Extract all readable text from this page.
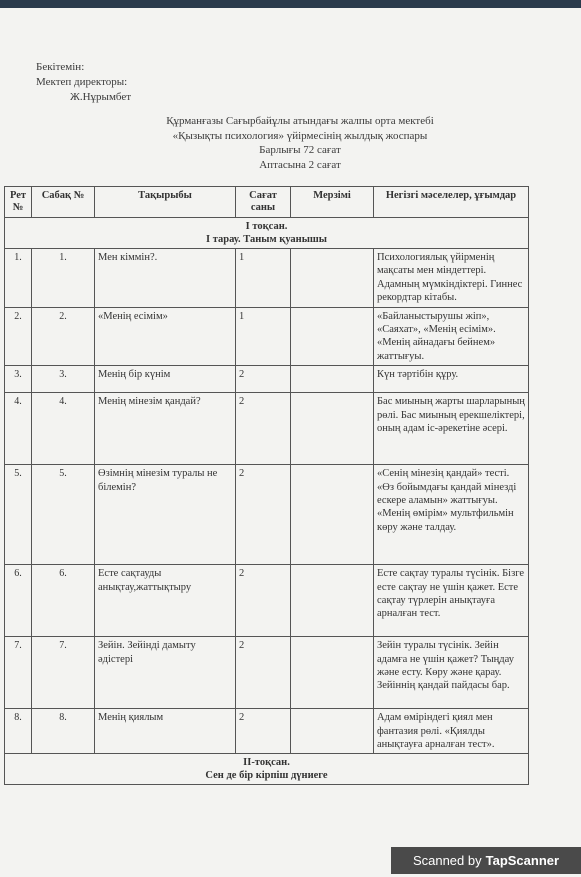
Бекітемін:
Мектеп директоры:
Ж.Нұрымбет
Құрманғазы Сағырбайұлы атындағы жалпы орта мектебі
«Қызықты психология» үйірмесінің жылдық жоспары
Барлығы 72 сағат
Аптасына 2 сағат
Рет №	Сабақ №	Тақырыбы	Сағат саны	Мерзімі	Негізгі мәселелер, ұғымдар

I тоқсан.
I тарау. Таным қуанышы					

1.	1.	Мен кіммін?.	1		Психологиялық үйірменің мақсаты мен міндеттері. Адамның мүмкіндіктері. Гиннес рекордтар кітабы.
2.	2.	«Менің есімім»	1		«Байланыстырушы жіп», «Саяхат», «Менің есімім». «Менің айнадағы бейнем» жаттығуы.
3.	3.	Менің бір күнім	2		Күн тәртібін құру.
4.	4.	Менің мінезім қандай?	2		Бас миының жарты шарларының рөлі. Бас миының ерекшеліктері, оның адам іс-әрекетіне әсері.
5.	5.	Өзімнің мінезім туралы не білемін?	2		«Сенің мінезің қандай» тесті. «Өз бойымдағы қандай мінезді ескере аламын» жаттығуы. «Менің өмірім» мультфильмін көру және талдау.
6.	6.	Есте сақтауды анықтау,жаттықтыру	2		Есте сақтау туралы түсінік. Бізге есте сақтау не үшін қажет. Есте сақтау түрлерін анықтауға арналған тест.
7.	7.	Зейін. Зейінді дамыту әдістері	2		Зейін туралы түсінік. Зейін адамға не үшін қажет? Тыңдау және есту. Көру және қарау. Зейіннің қандай пайдасы бар.
8.	8.	Менің қиялым	2		Адам өміріндегі қиял мен фантазия рөлі. «Қиялды анықтауға арналған тест».

II-тоқсан.
Сен де бір кірпіш дүниеге					
Scanned by TapScanner
